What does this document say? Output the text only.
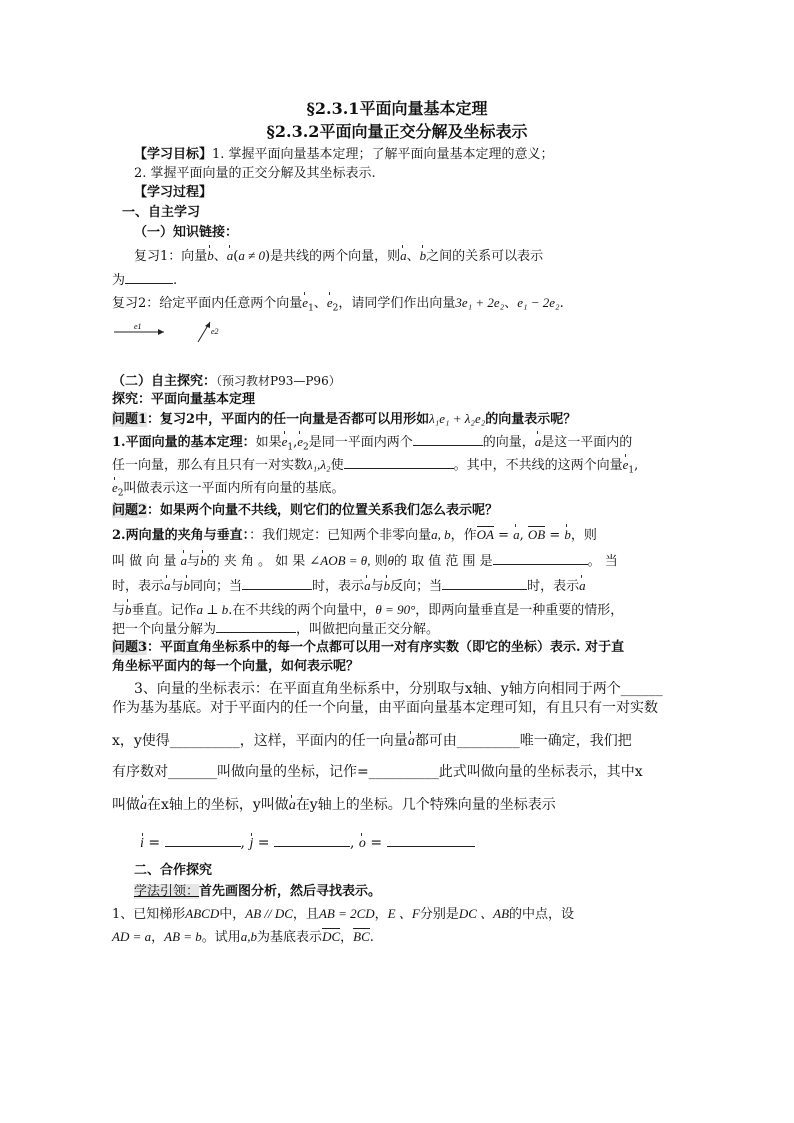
§2.3.1平面向量基本定理
§2.3.2平面向量正交分解及坐标表示
【学习目标】1. 掌握平面向量基本定理；了解平面向量基本定理的意义；
2. 掌握平面向量的正交分解及其坐标表示.
【学习过程】
一、自主学习
（一）知识链接：
复习1：向量b、a(a ≠ 0)是共线的两个向量，则a、b之间的关系可以表示
为	.
复习2：给定平面内任意两个向量$e_1$、$e_2$，请同学们作出向量3e₁ + 2e₂、e₁ − 2e₂.
e1
e2
（二）自主探究：（预习教材P93—P96）
探究：平面向量基本定理
问题1：复习2中，平面内的任一向量是否都可以用形如λ₁e₁ + λ₂e₂的向量表示呢？
1.平面向量的基本定理：如果$e_1,e_2$是同一平面内两个	的向量，a是这一平面内的
任一向量，那么有且只有一对实数λ₁,λ₂使	。其中，不共线的这两个向量$e_1$,
$e_2$叫做表示这一平面内所有向量的基底。
问题2：如果两个向量不共线，则它们的位置关系我们怎么表示呢？
2.两向量的夹角与垂直：：我们规定：已知两个非零向量a, b，作OA = a, OB = b，则
叫 做 向 量 a与b的 夹 角 。 如 果 ∠AOB = θ, 则θ的 取 值 范 围 是	。 当
时，表示a与b同向；当	时，表示a与b反向；当	时，表示a
与b垂直。记作a ⊥ b.在不共线的两个向量中，θ = 90°，即两向量垂直是一种重要的情形，
把一个向量分解为	，叫做把向量正交分解。
问题3：平面直角坐标系中的每一个点都可以用一对有序实数（即它的坐标）表示. 对于直
角坐标平面内的每一个向量，如何表示呢？
3、向量的坐标表示：在平面直角坐标系中，分别取与x轴、y轴方向相同于两个______
作为基为基底。对于平面内的任一个向量，由平面向量基本定理可知，有且只有一对实数
x，y使得__________，这样，平面内的任一向量a都可由_________唯一确定，我们把
有序数对_______叫做向量的坐标，记作=__________此式叫做向量的坐标表示，其中x
叫做a在x轴上的坐标，y叫做a在y轴上的坐标。几个特殊向量的坐标表示
i =	, j =	, o =
二、合作探究
学法引领：首先画图分析，然后寻找表示。
1、已知梯形ABCD中，AB // DC，且AB = 2CD，E 、F分别是DC 、AB的中点，设
AD = a，AB = b。试用a,b为基底表示DC，BC.
